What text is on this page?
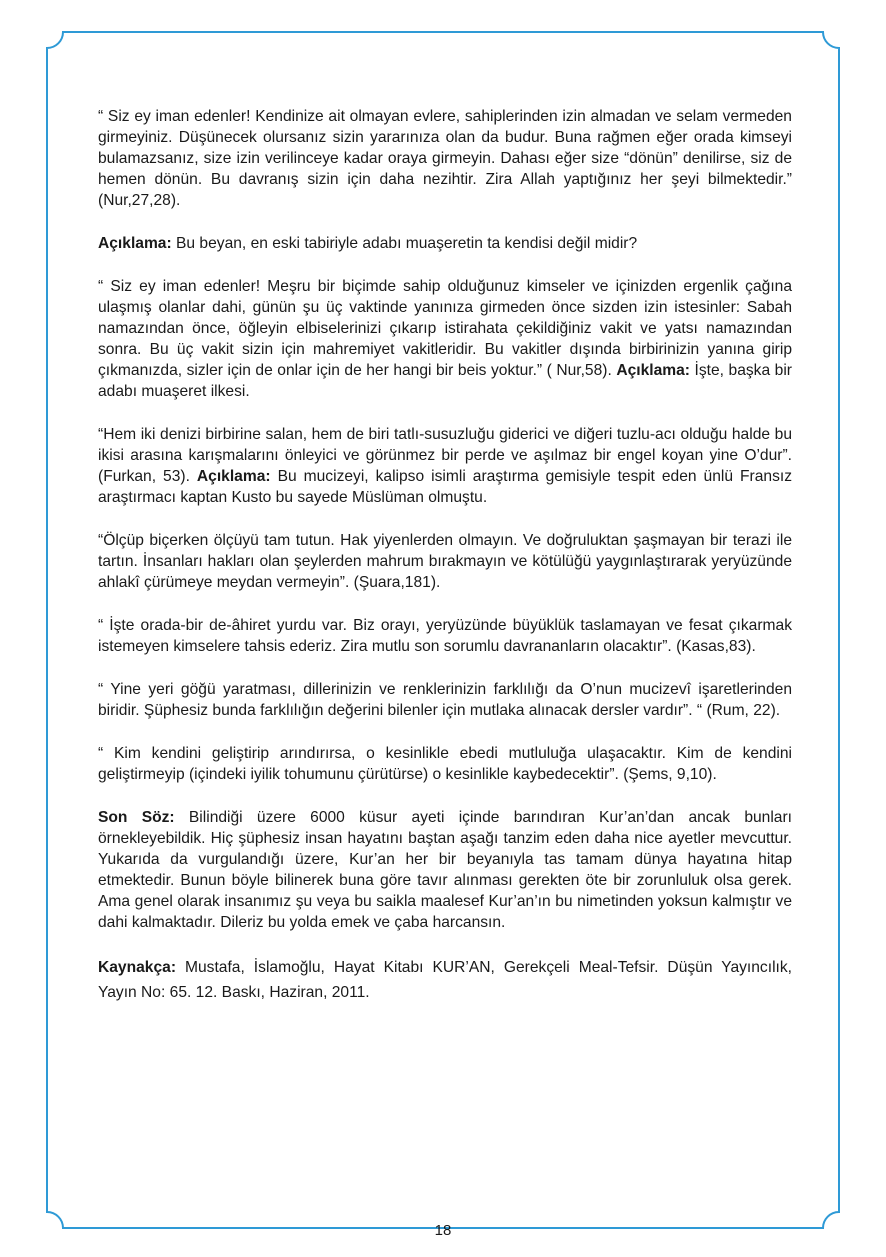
“ Siz ey iman edenler! Kendinize ait olmayan evlere, sahiplerinden izin almadan ve selam vermeden girmeyiniz. Düşünecek olursanız sizin yararınıza olan da budur. Buna rağmen eğer orada kimseyi bulamazsanız, size izin verilinceye kadar oraya girmeyin. Dahası eğer size “dönün” denilirse, siz de hemen dönün. Bu davranış sizin için daha nezihtir. Zira Allah yaptığınız her şeyi bilmektedir.” (Nur,27,28).

Açıklama: Bu beyan, en eski tabiriyle adabı muaşeretin ta kendisi değil midir?

“ Siz ey iman edenler! Meşru bir biçimde sahip olduğunuz kimseler ve içinizden ergenlik çağına ulaşmış olanlar dahi, günün şu üç vaktinde yanınıza girmeden önce sizden izin istesinler: Sabah namazından önce, öğleyin elbiselerinizi çıkarıp istirahata çekildiğiniz vakit ve yatsı namazından sonra. Bu üç vakit sizin için mahremiyet vakitleridir. Bu vakitler dışında birbirinizin yanına girip çıkmanızda, sizler için de onlar için de her hangi bir beis yoktur.” ( Nur,58). Açıklama: İşte, başka bir adabı muaşeret ilkesi.

“Hem iki denizi birbirine salan, hem de biri tatlı-susuzluğu giderici ve diğeri tuzlu-acı olduğu halde bu ikisi arasına karışmalarını önleyici ve görünmez bir perde ve aşılmaz bir engel koyan yine O’dur”. (Furkan, 53). Açıklama: Bu mucizeyi, kalipso isimli araştırma gemisiyle tespit eden ünlü Fransız araştırmacı kaptan Kusto bu sayede Müslüman olmuştu.

“Ölçüp biçerken ölçüyü tam tutun. Hak yiyenlerden olmayın. Ve doğruluktan şaşmayan bir terazi ile tartın. İnsanları hakları olan şeylerden mahrum bırakmayın ve kötülüğü yaygınlaştırarak yeryüzünde ahlakî çürümeye meydan vermeyin”. (Şuara,181).

“ İşte orada-bir de-âhiret yurdu var. Biz orayı, yeryüzünde büyüklük taslamayan ve fesat çıkarmak istemeyen kimselere tahsis ederiz. Zira mutlu son sorumlu davrananların olacaktır”. (Kasas,83).

“ Yine yeri göğü yaratması, dillerinizin ve renklerinizin farklılığı da O’nun mucizevî işaretlerinden biridir. Şüphesiz bunda farklılığın değerini bilenler için mutlaka alınacak dersler vardır”. “ (Rum, 22).

“ Kim kendini geliştirip arındırırsa, o kesinlikle ebedi mutluluğa ulaşacaktır. Kim de kendini geliştirmeyip (içindeki iyilik tohumunu çürütürse) o kesinlikle kaybedecektir”. (Şems, 9,10).

Son Söz: Bilindiği üzere 6000 küsur ayeti içinde barındıran Kur’an’dan ancak bunları örnekleyebildik. Hiç şüphesiz insan hayatını baştan aşağı tanzim eden daha nice ayetler mevcuttur. Yukarıda da vurgulandığı üzere, Kur’an her bir beyanıyla tas tamam dünya hayatına hitap etmektedir. Bunun böyle bilinerek buna göre tavır alınması gerekten öte bir zorunluluk olsa gerek. Ama genel olarak insanımız şu veya bu saikla maalesef Kur’an’ın bu nimetinden yoksun kalmıştır ve dahi kalmaktadır. Dileriz bu yolda emek ve çaba harcansın.

Kaynakça: Mustafa, İslamoğlu, Hayat Kitabı KUR’AN, Gerekçeli Meal-Tefsir. Düşün Yayıncılık, Yayın No: 65. 12. Baskı, Haziran, 2011.

18
